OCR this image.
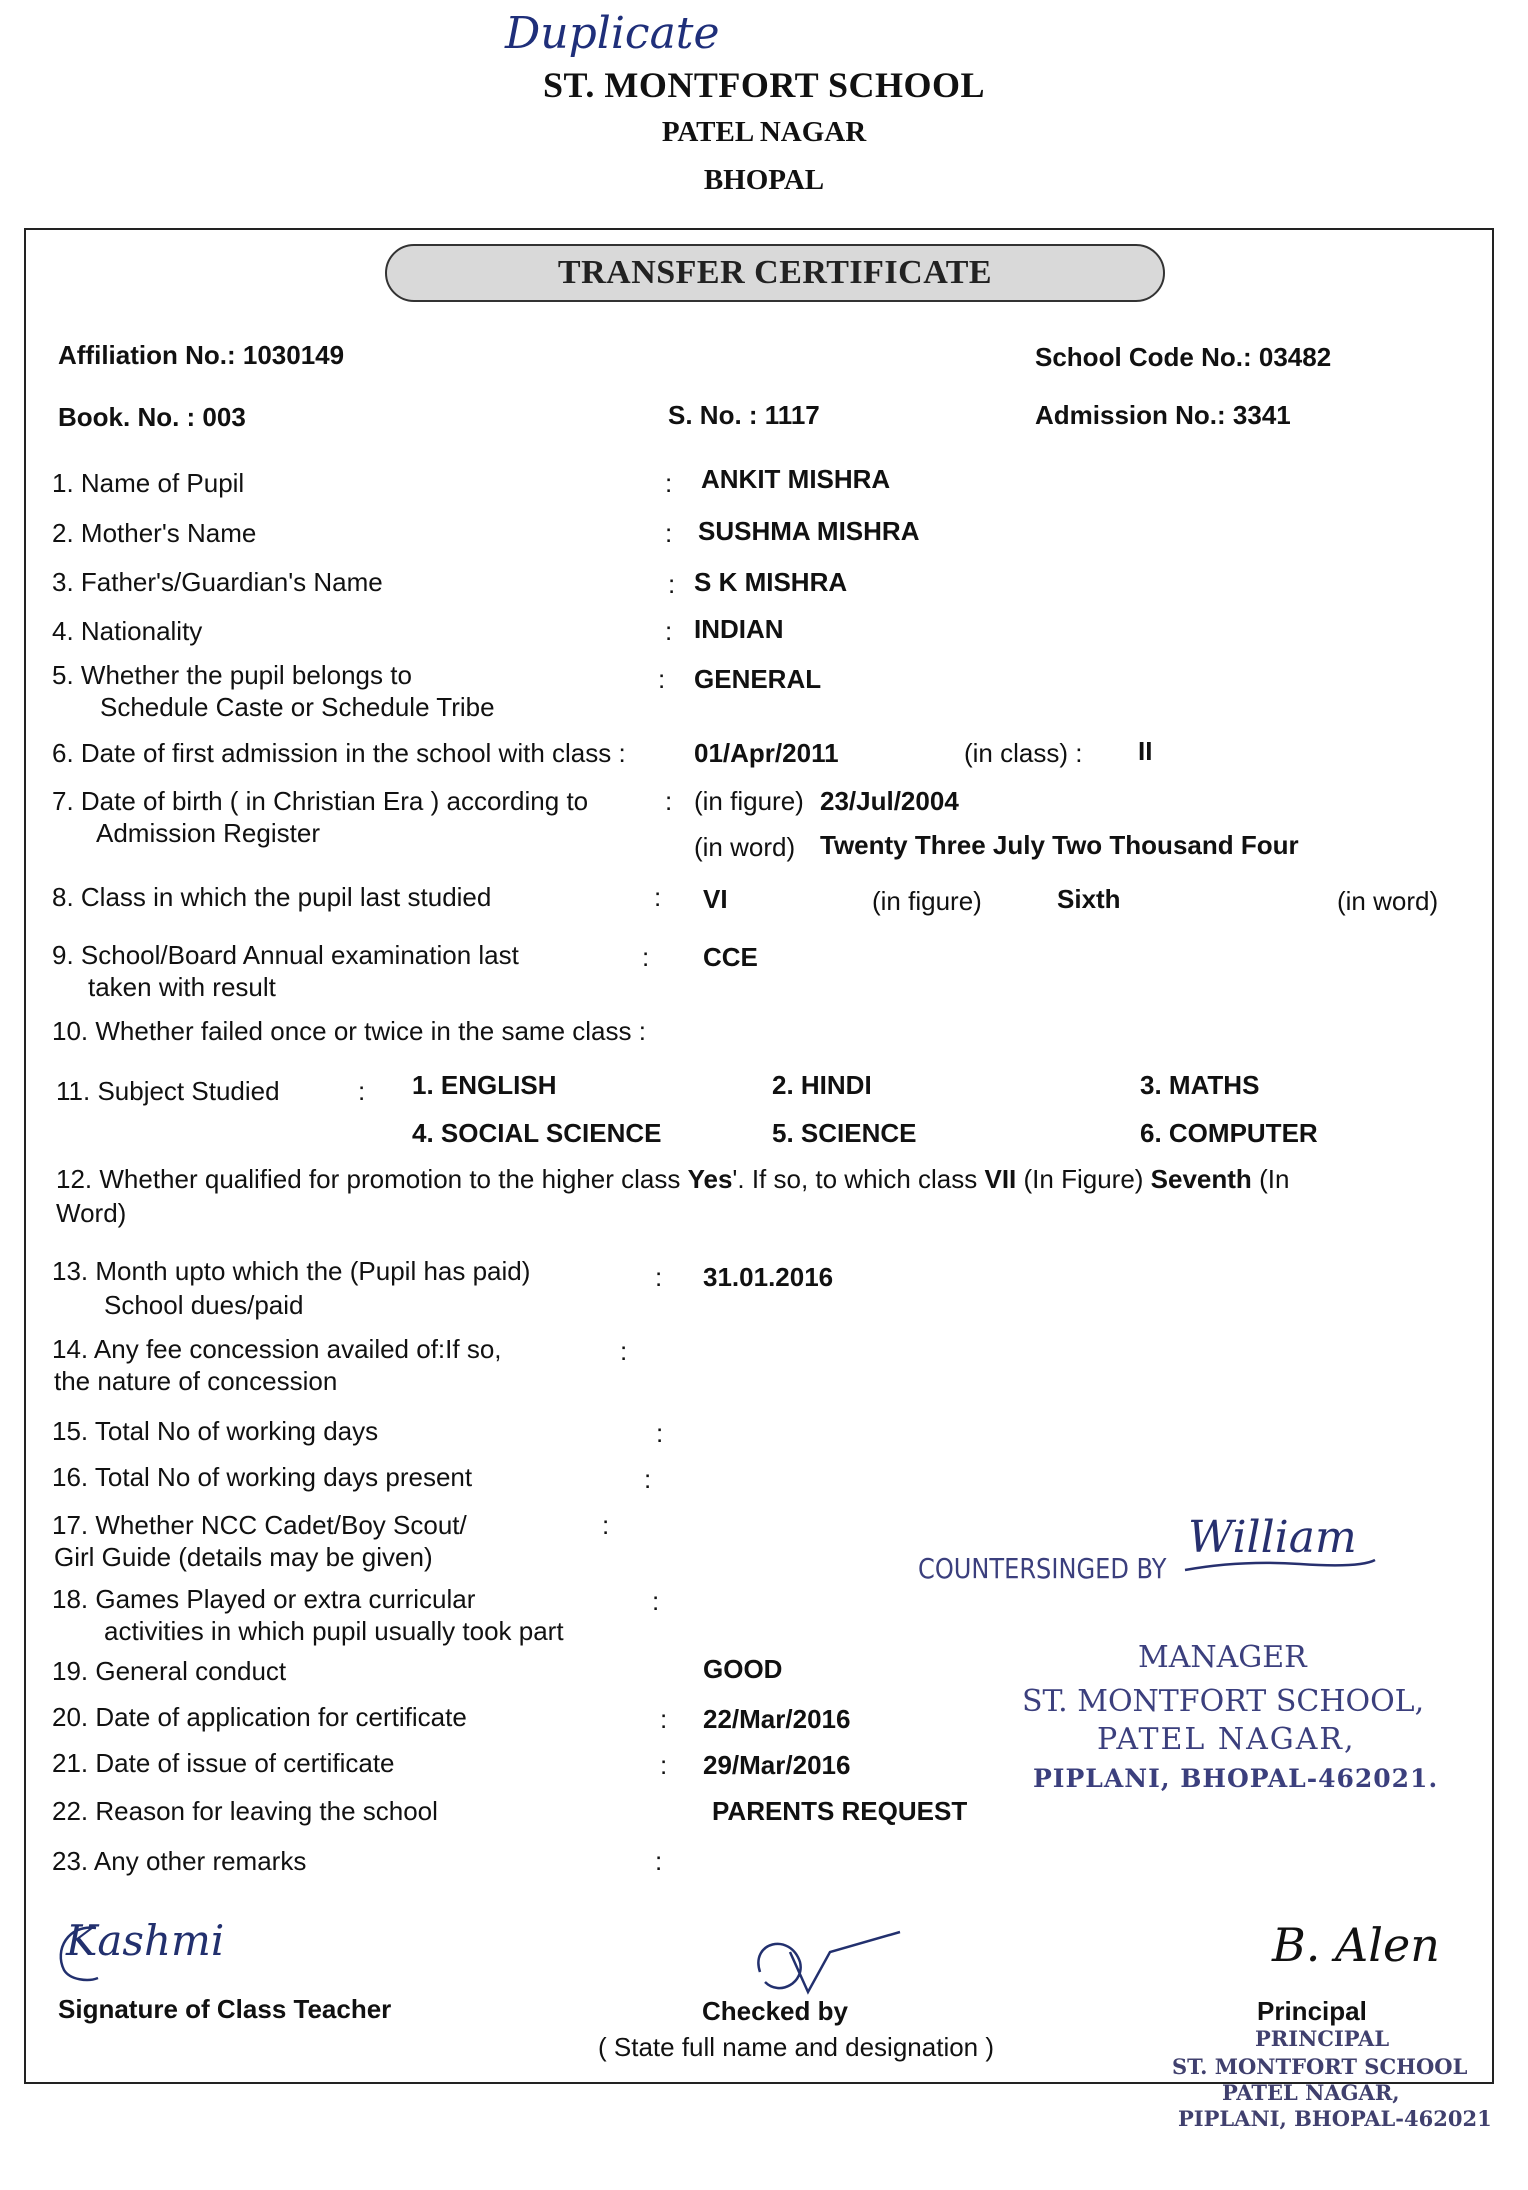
Duplicate
ST. MONTFORT SCHOOL
PATEL NAGAR
BHOPAL
TRANSFER CERTIFICATE
Affiliation No.: 1030149	School Code No.: 03482
Book. No. : 003	S. No. : 1117	Admission No.: 3341
1. Name of Pupil	: ANKIT MISHRA
2. Mother's Name	: SUSHMA MISHRA
3. Father's/Guardian's Name	: S K MISHRA
4. Nationality	: INDIAN
5. Whether the pupil belongs to
Schedule Caste or Schedule Tribe
: GENERAL
6. Date of first admission in the school with class :	01/Apr/2011	(in class) : II
7. Date of birth ( in Christian Era ) according to
Admission Register
: (in figure) 23/Jul/2004
(in word) Twenty Three July Two Thousand Four
8. Class in which the pupil last studied	: VI	(in figure)	Sixth	(in word)
9. School/Board Annual examination last
taken with result
: CCE
10. Whether failed once or twice in the same class :
11. Subject Studied	: 1. ENGLISH	2. HINDI	3. MATHS
4. SOCIAL SCIENCE	5. SCIENCE	6. COMPUTER
12. Whether qualified for promotion to the higher class Yes'. If so, to which class VII (In Figure) Seventh (In
Word)
13. Month upto which the (Pupil has paid)
School dues/paid
: 31.01.2016
14. Any fee concession availed of:If so,
the nature of concession
:
15. Total No of working days	:
16. Total No of working days present	:
17. Whether NCC Cadet/Boy Scout/
Girl Guide (details may be given)
:
18. Games Played or extra curricular
activities in which pupil usually took part
:
19. General conduct	GOOD
20. Date of application for certificate	: 22/Mar/2016
21. Date of issue of certificate	: 29/Mar/2016
22. Reason for leaving the school	PARENTS REQUEST
23. Any other remarks	:
COUNTERSINGED BY
William
MANAGER
ST. MONTFORT SCHOOL,
PATEL NAGAR,
PIPLANI, BHOPAL-462021.
Kashmi
Signature of Class Teacher	Checked by
( State full name and designation )
B. Alen
Principal
PRINCIPAL
ST. MONTFORT SCHOOL
PATEL NAGAR,
PIPLANI, BHOPAL-462021
